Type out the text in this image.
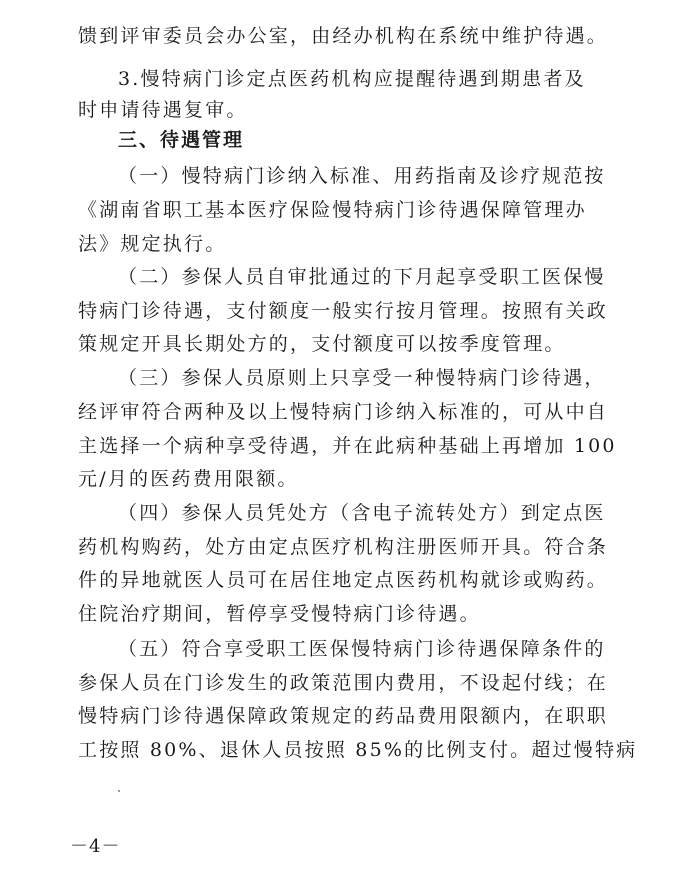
馈到评审委员会办公室，由经办机构在系统中维护待遇。
3.慢特病门诊定点医药机构应提醒待遇到期患者及
时申请待遇复审。
三、待遇管理
（一）慢特病门诊纳入标准、用药指南及诊疗规范按
《湖南省职工基本医疗保险慢特病门诊待遇保障管理办
法》规定执行。
（二）参保人员自审批通过的下月起享受职工医保慢
特病门诊待遇，支付额度一般实行按月管理。按照有关政
策规定开具长期处方的，支付额度可以按季度管理。
（三）参保人员原则上只享受一种慢特病门诊待遇，
经评审符合两种及以上慢特病门诊纳入标准的，可从中自
主选择一个病种享受待遇，并在此病种基础上再增加 100
元/月的医药费用限额。
（四）参保人员凭处方（含电子流转处方）到定点医
药机构购药，处方由定点医疗机构注册医师开具。符合条
件的异地就医人员可在居住地定点医药机构就诊或购药。
住院治疗期间，暂停享受慢特病门诊待遇。
（五）符合享受职工医保慢特病门诊待遇保障条件的
参保人员在门诊发生的政策范围内费用，不设起付线；在
慢特病门诊待遇保障政策规定的药品费用限额内，在职职
工按照 80%、退休人员按照 85%的比例支付。超过慢特病
－4－
